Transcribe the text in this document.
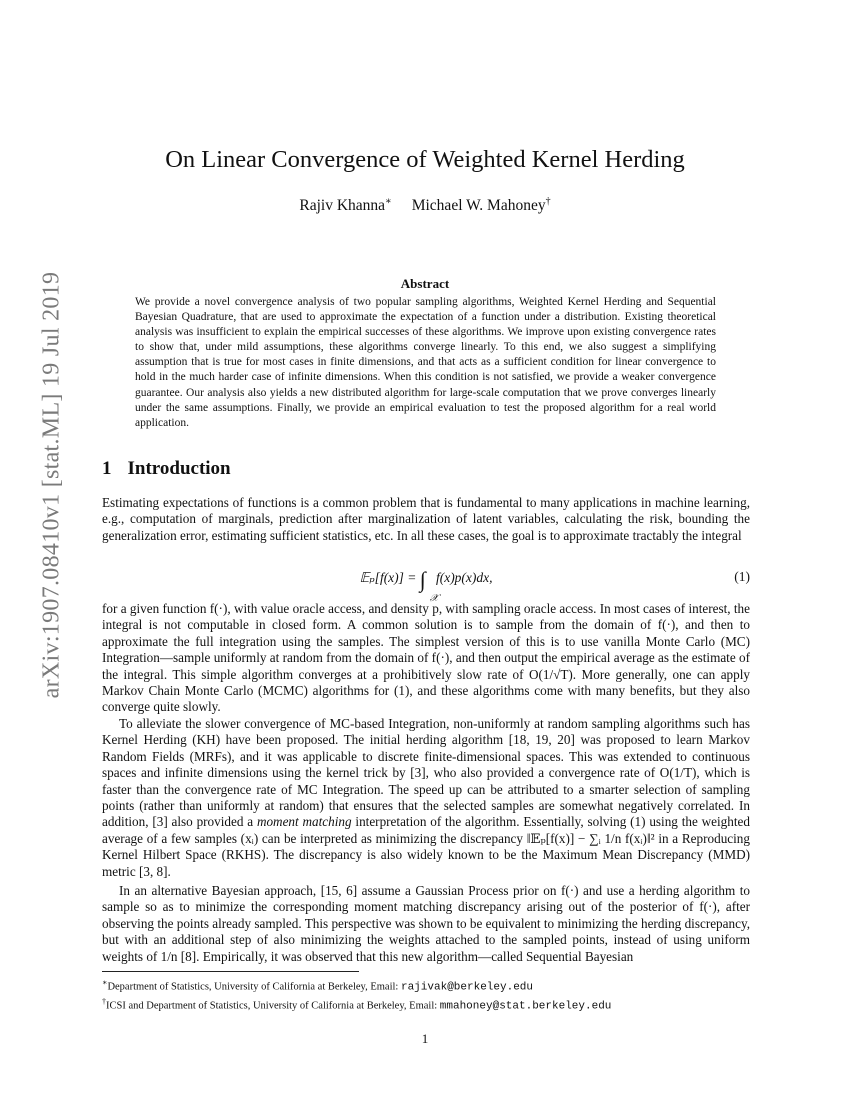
arXiv:1907.08410v1 [stat.ML] 19 Jul 2019
On Linear Convergence of Weighted Kernel Herding
Rajiv Khanna∗ Michael W. Mahoney†
Abstract

We provide a novel convergence analysis of two popular sampling algorithms, Weighted Kernel Herding and Sequential Bayesian Quadrature, that are used to approximate the expectation of a function under a distribution. Existing theoretical analysis was insufficient to explain the empirical successes of these algorithms. We improve upon existing convergence rates to show that, under mild assumptions, these algorithms converge linearly. To this end, we also suggest a simplifying assumption that is true for most cases in finite dimensions, and that acts as a sufficient condition for linear convergence to hold in the much harder case of infinite dimensions. When this condition is not satisfied, we provide a weaker convergence guarantee. Our analysis also yields a new distributed algorithm for large-scale computation that we prove converges linearly under the same assumptions. Finally, we provide an empirical evaluation to test the proposed algorithm for a real world application.

1 Introduction

Estimating expectations of functions is a common problem that is fundamental to many applications in machine learning, e.g., computation of marginals, prediction after marginalization of latent variables, calculating the risk, bounding the generalization error, estimating sufficient statistics, etc. In all these cases, the goal is to approximate tractably the integral

𝔼ₚ[f(x)] = ∫
𝒳
f(x)p(x)dx,	(1)

for a given function f(·), with value oracle access, and density p, with sampling oracle access. In most cases of interest, the integral is not computable in closed form. A common solution is to sample from the domain of f(·), and then to approximate the full integration using the samples. The simplest version of this is to use vanilla Monte Carlo (MC) Integration—sample uniformly at random from the domain of f(·), and then output the empirical average as the estimate of the integral. This simple algorithm converges at a prohibitively slow rate of O(1/√T). More generally, one can apply Markov Chain Monte Carlo (MCMC) algorithms for (1), and these algorithms come with many benefits, but they also converge quite slowly.

To alleviate the slower convergence of MC-based Integration, non-uniformly at random sampling algorithms such has Kernel Herding (KH) have been proposed. The initial herding algorithm [18, 19, 20] was proposed to learn Markov Random Fields (MRFs), and it was applicable to discrete finite-dimensional spaces. This was extended to continuous spaces and infinite dimensions using the kernel trick by [3], who also provided a convergence rate of O(1/T), which is faster than the convergence rate of MC Integration. The speed up can be attributed to a smarter selection of sampling points (rather than uniformly at random) that ensures that the selected samples are somewhat negatively correlated. In addition, [3] also provided a moment matching interpretation of the algorithm. Essentially, solving (1) using the weighted average of a few samples (xᵢ) can be interpreted as minimizing the discrepancy ‖𝔼ₚ[f(x)] − ∑ᵢ 1/n f(xᵢ)‖² in a Reproducing Kernel Hilbert Space (RKHS). The discrepancy is also widely known to be the Maximum Mean Discrepancy (MMD) metric [3, 8].

In an alternative Bayesian approach, [15, 6] assume a Gaussian Process prior on f(·) and use a herding algorithm to sample so as to minimize the corresponding moment matching discrepancy arising out of the posterior of f(·), after observing the points already sampled. This perspective was shown to be equivalent to minimizing the herding discrepancy, but with an additional step of also minimizing the weights attached to the sampled points, instead of using uniform weights of 1/n [8]. Empirically, it was observed that this new algorithm—called Sequential Bayesian

∗Department of Statistics, University of California at Berkeley, Email: rajivak@berkeley.edu
†ICSI and Department of Statistics, University of California at Berkeley, Email: mmahoney@stat.berkeley.edu
1
